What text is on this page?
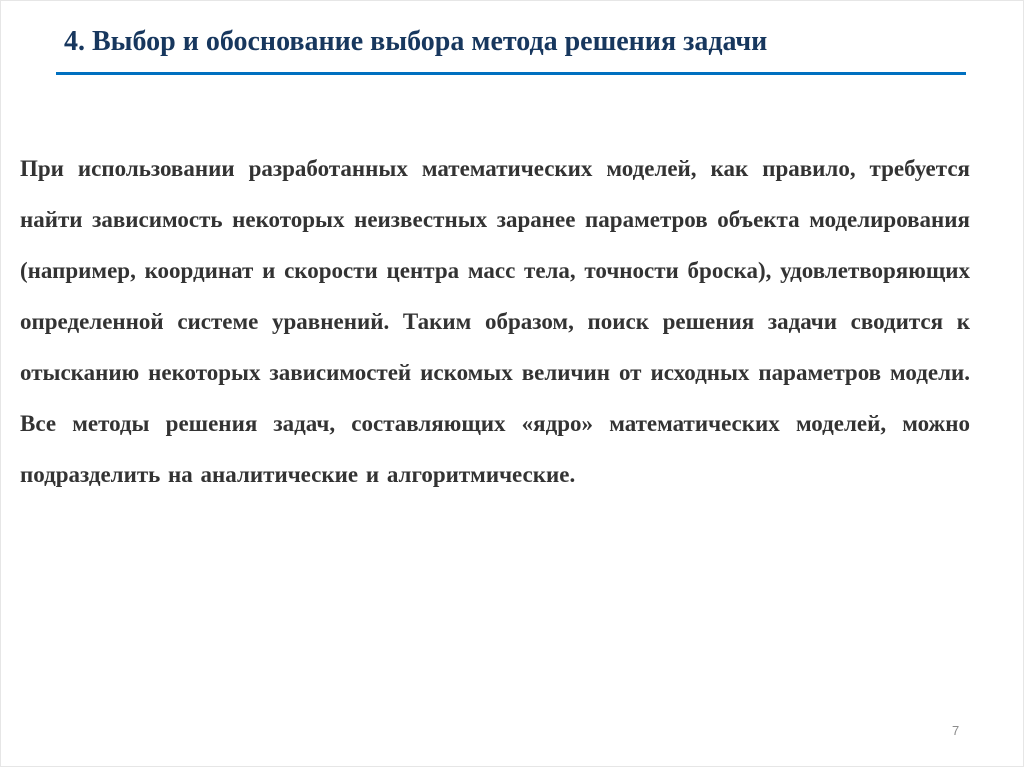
4. Выбор и обоснование выбора метода решения задачи

При использовании разработанных математических моделей, как правило, требуется найти зависимость некоторых неизвестных заранее параметров объекта моделирования (например, координат и скорости центра масс тела, точности броска), удовлетворяющих определенной системе уравнений. Таким образом, поиск решения задачи сводится к отысканию некоторых зависимостей искомых величин от исходных параметров модели. Все методы решения задач, составляющих «ядро» математических моделей, можно подразделить на аналитические и алгоритмические.

7
